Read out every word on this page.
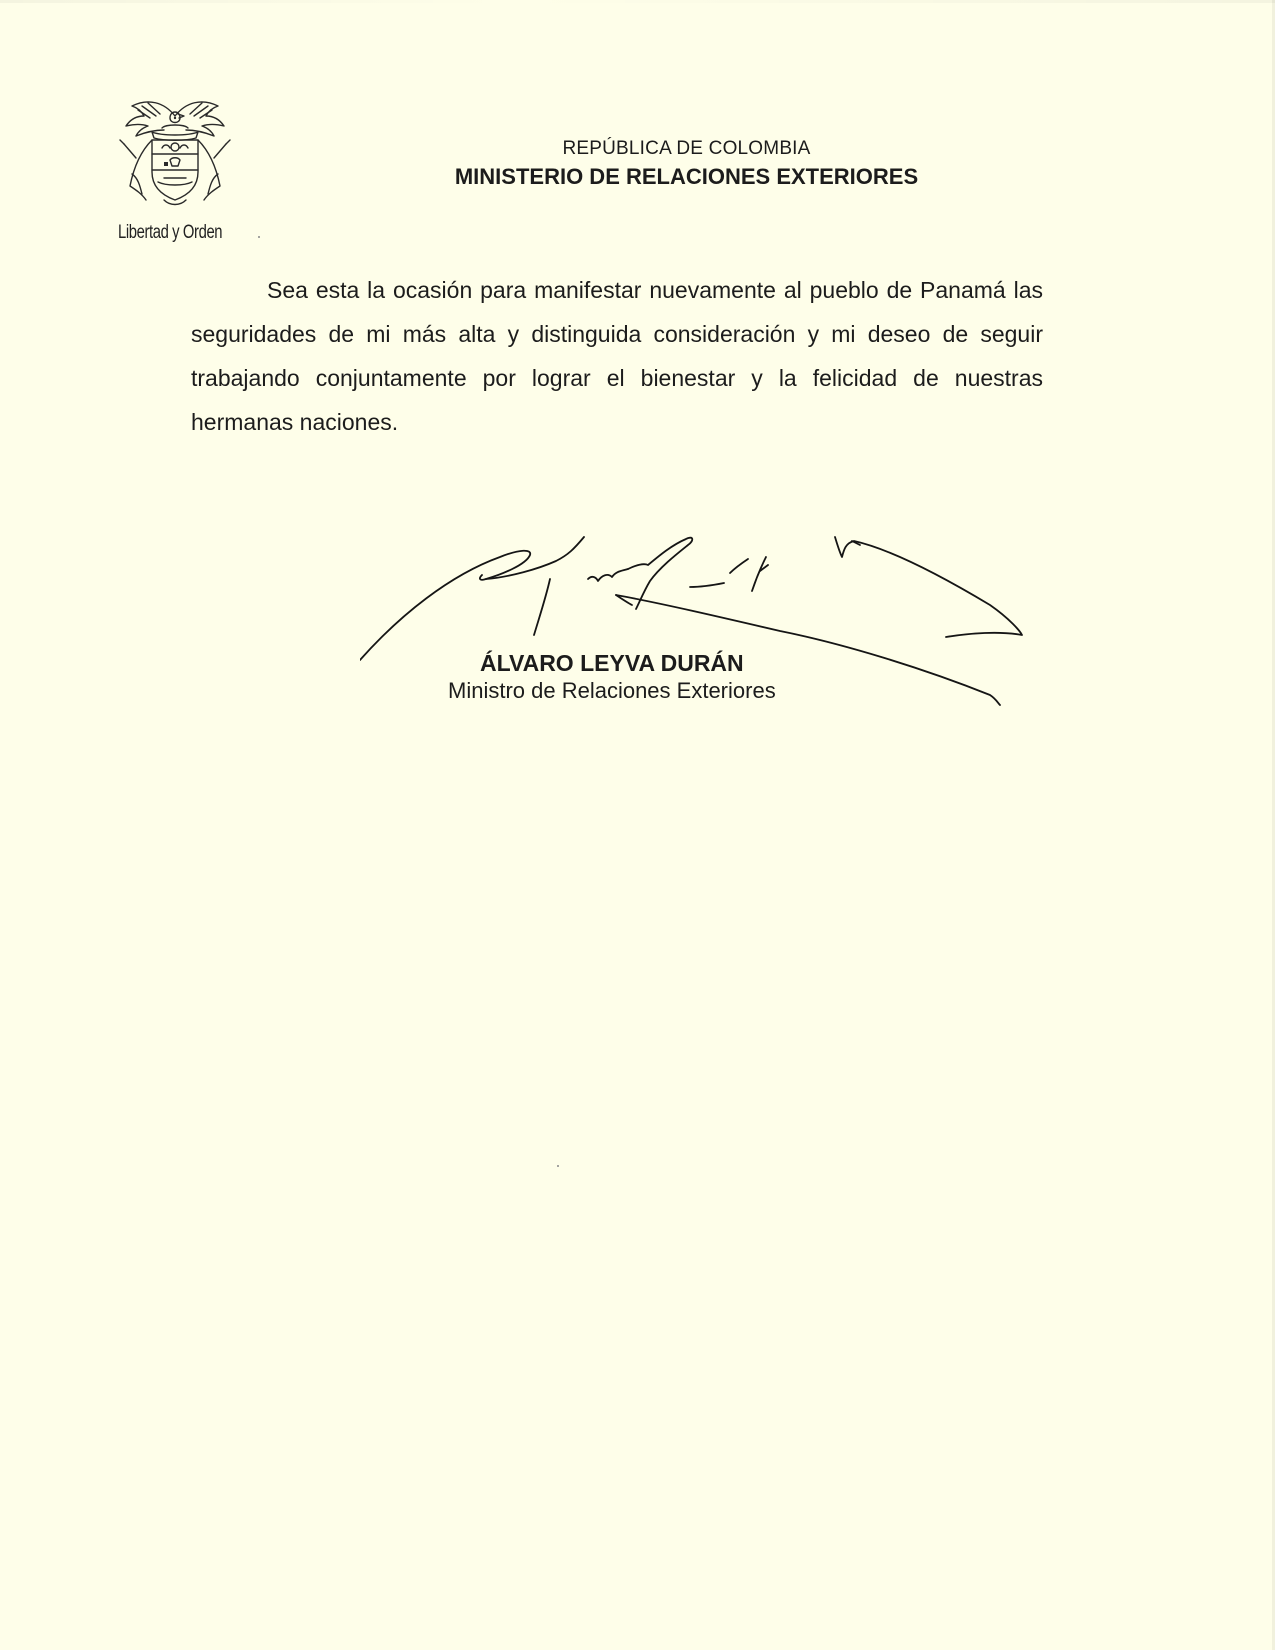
Libertad y Orden
REPÚBLICA DE COLOMBIA
MINISTERIO DE RELACIONES EXTERIORES

Sea esta la ocasión para manifestar nuevamente al pueblo de Panamá las seguridades de mi más alta y distinguida consideración y mi deseo de seguir trabajando conjuntamente por lograr el bienestar y la felicidad de nuestras hermanas naciones.

ÁLVARO LEYVA DURÁN
Ministro de Relaciones Exteriores
